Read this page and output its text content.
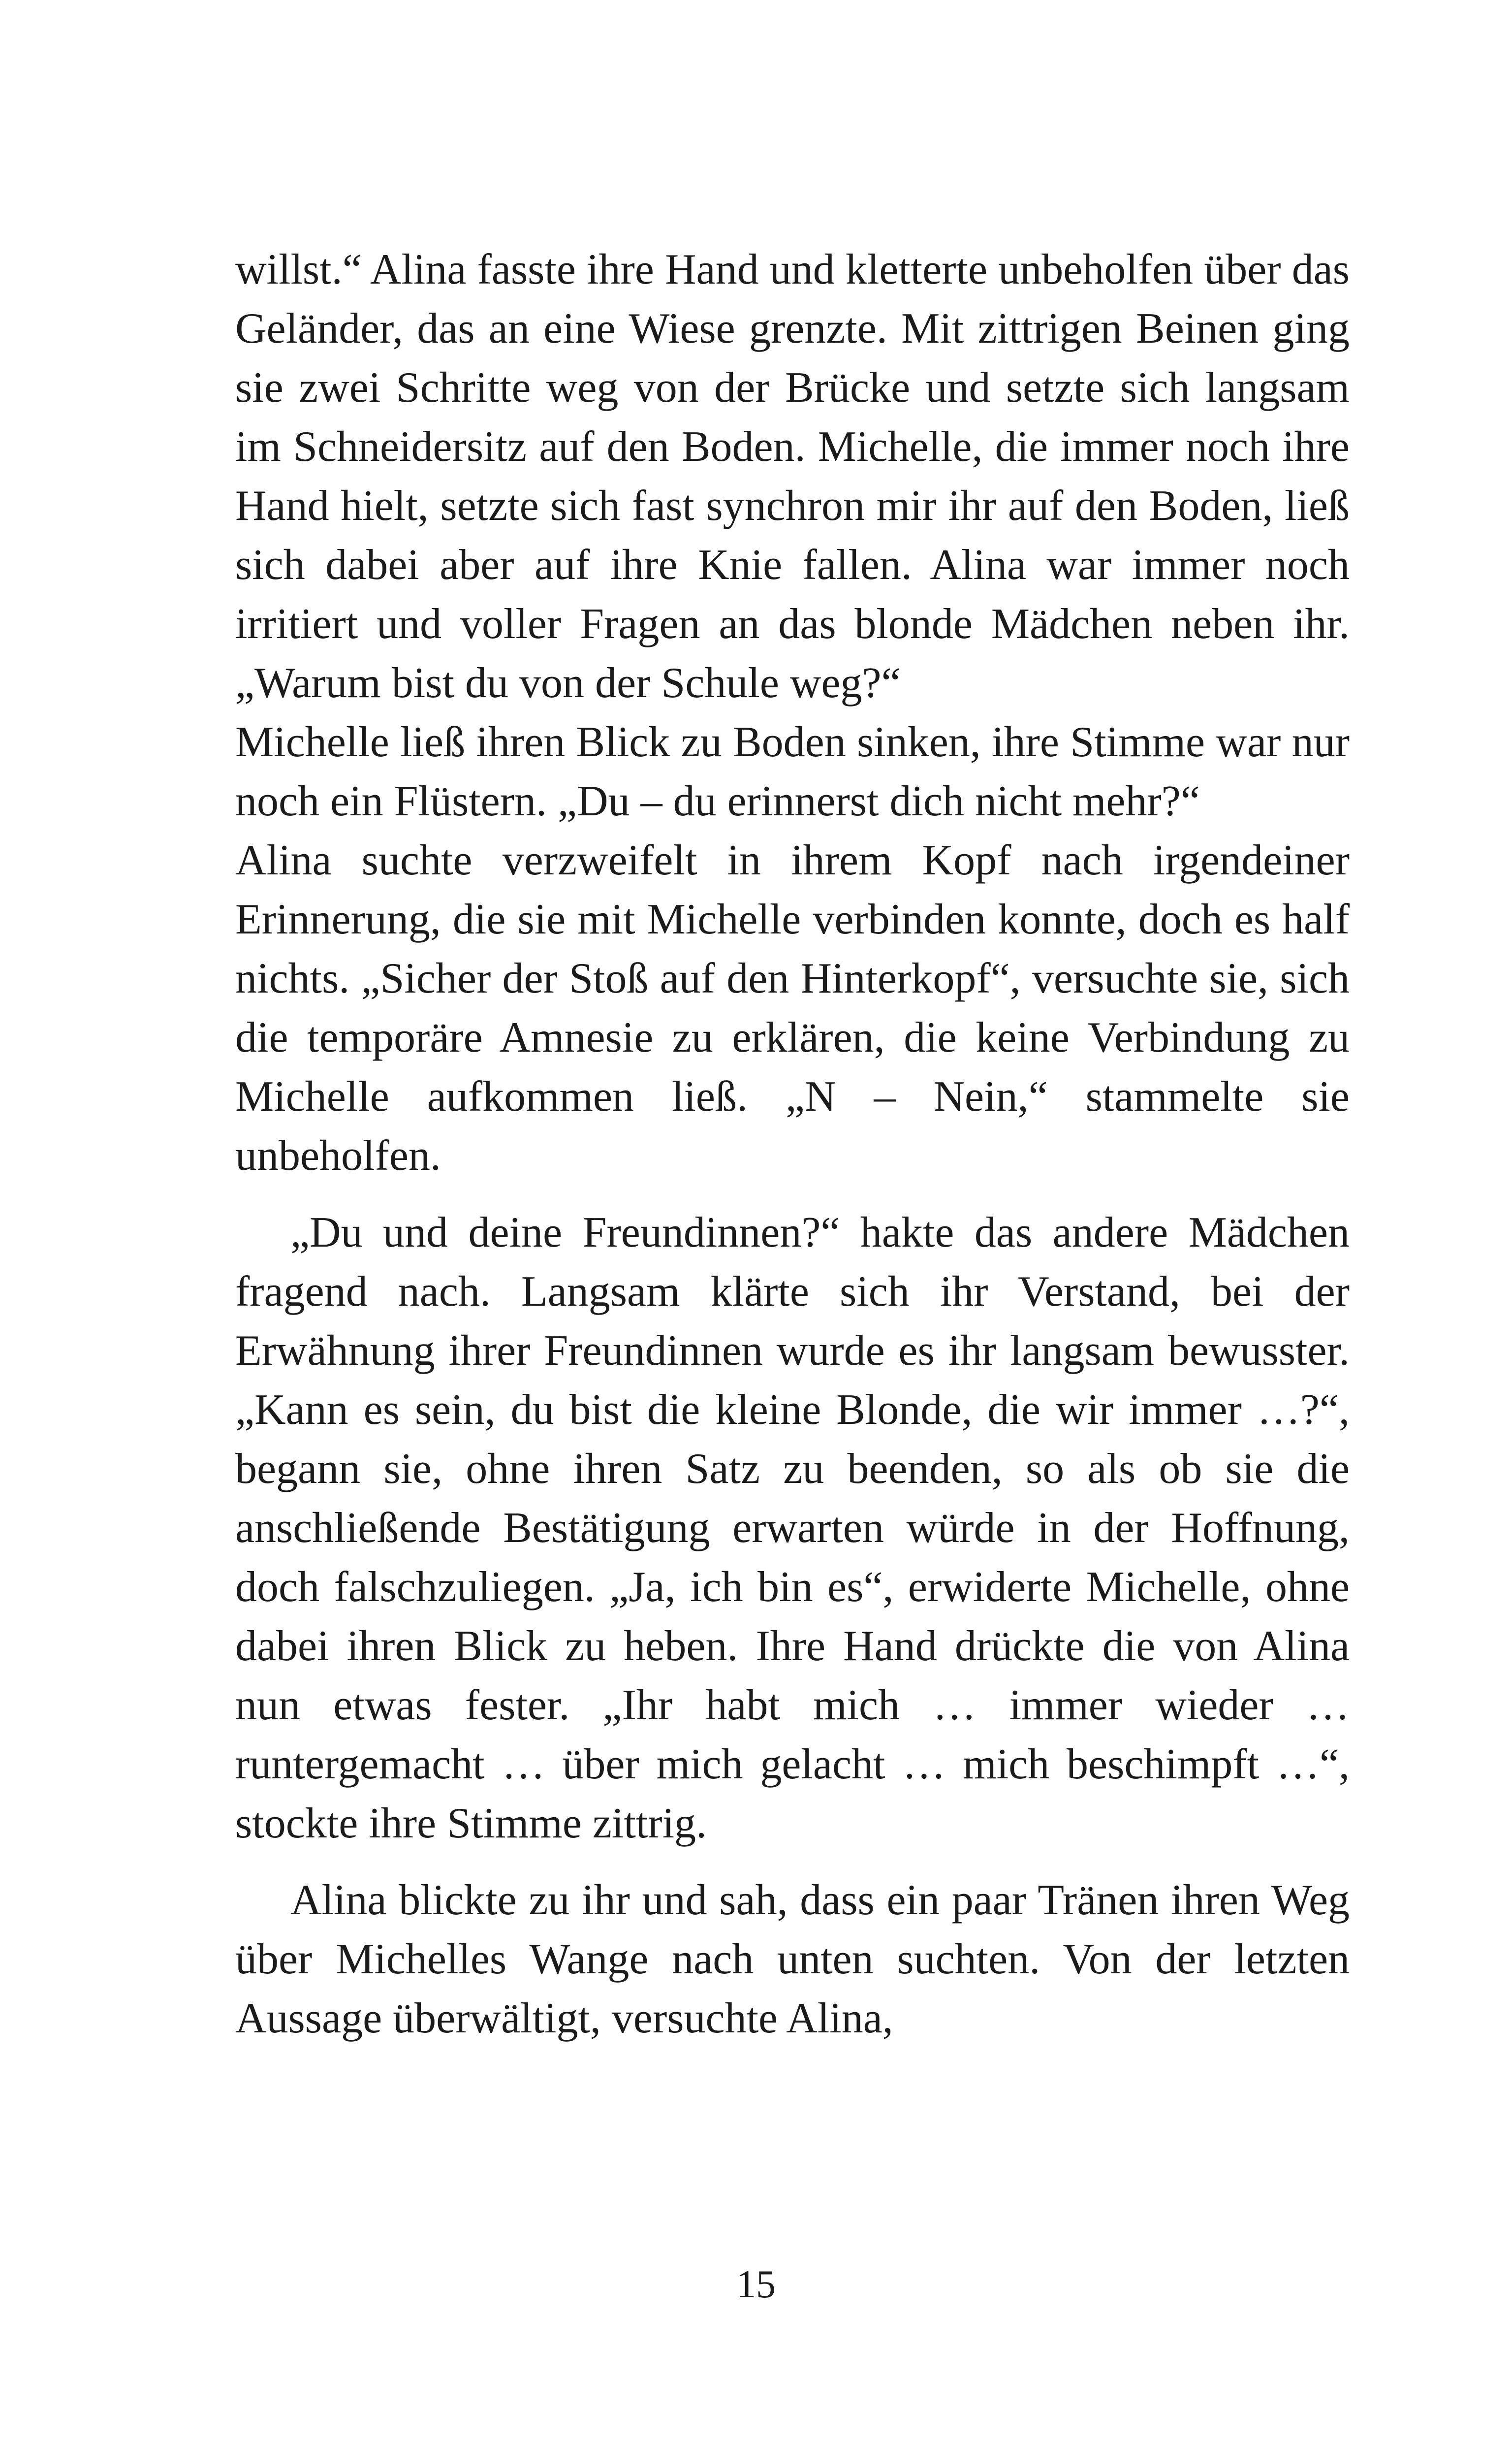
willst.“ Alina fasste ihre Hand und kletterte unbeholfen über das Geländer, das an eine Wiese grenzte. Mit zittrigen Beinen ging sie zwei Schritte weg von der Brücke und setzte sich langsam im Schneidersitz auf den Boden. Michelle, die immer noch ihre Hand hielt, setzte sich fast synchron mir ihr auf den Boden, ließ sich dabei aber auf ihre Knie fallen. Alina war immer noch irritiert und voller Fragen an das blonde Mädchen neben ihr. „Warum bist du von der Schule weg?“

Michelle ließ ihren Blick zu Boden sinken, ihre Stimme war nur noch ein Flüstern. „Du – du erinnerst dich nicht mehr?“

Alina suchte verzweifelt in ihrem Kopf nach irgendeiner Erinnerung, die sie mit Michelle verbinden konnte, doch es half nichts. „Sicher der Stoß auf den Hinterkopf“, versuchte sie, sich die temporäre Amnesie zu erklären, die keine Verbindung zu Michelle aufkommen ließ. „N – Nein,“ stammelte sie unbeholfen.

„Du und deine Freundinnen?“ hakte das andere Mädchen fragend nach. Langsam klärte sich ihr Verstand, bei der Erwähnung ihrer Freundinnen wurde es ihr langsam bewusster. „Kann es sein, du bist die kleine Blonde, die wir immer …?“, begann sie, ohne ihren Satz zu beenden, so als ob sie die anschließende Bestätigung erwarten würde in der Hoffnung, doch falschzuliegen. „Ja, ich bin es“, erwiderte Michelle, ohne dabei ihren Blick zu heben. Ihre Hand drückte die von Alina nun etwas fester. „Ihr habt mich … immer wieder … runtergemacht … über mich gelacht … mich beschimpft …“, stockte ihre Stimme zittrig.

Alina blickte zu ihr und sah, dass ein paar Tränen ihren Weg über Michelles Wange nach unten suchten. Von der letzten Aussage überwältigt, versuchte Alina,

15
